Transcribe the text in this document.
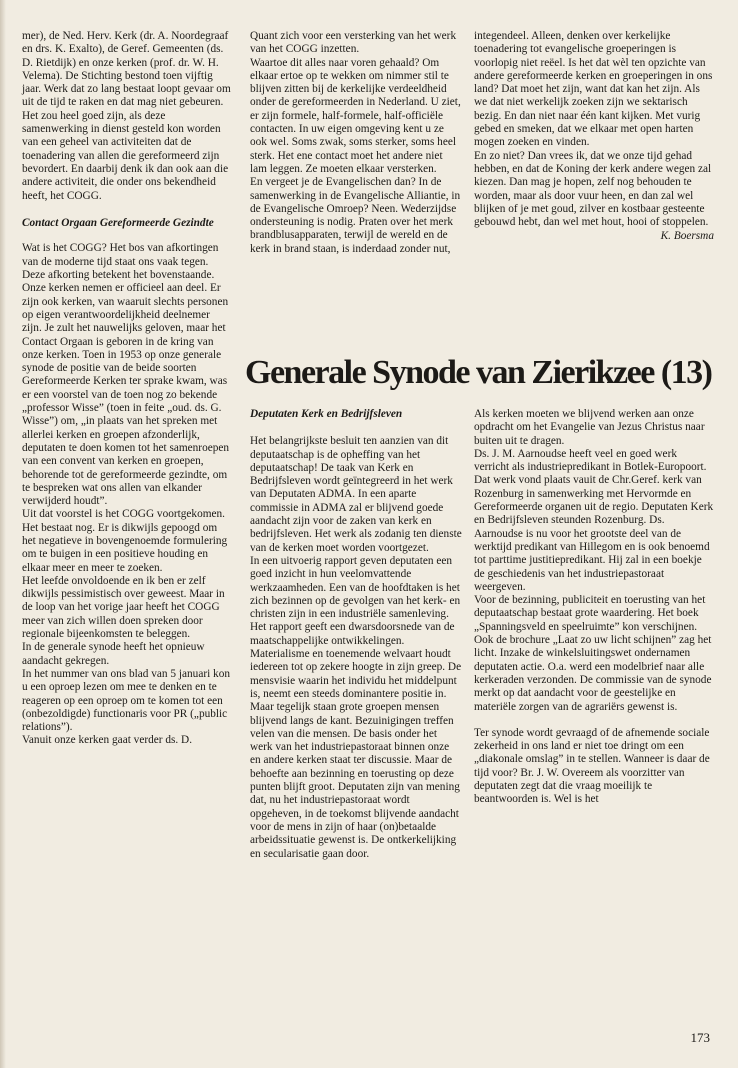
mer), de Ned. Herv. Kerk (dr. A. Noordegraaf en drs. K. Exalto), de Geref. Gemeenten (ds. D. Rietdijk) en onze kerken (prof. dr. W. H. Velema). De Stichting bestond toen vijftig jaar. Werk dat zo lang bestaat loopt gevaar om uit de tijd te raken en dat mag niet gebeuren.

Het zou heel goed zijn, als deze samenwerking in dienst gesteld kon worden van een geheel van activiteiten dat de toenadering van allen die gereformeerd zijn bevordert. En daarbij denk ik dan ook aan die andere activiteit, die onder ons bekendheid heeft, het COGG.

Contact Orgaan Gereformeerde Gezindte

Wat is het COGG? Het bos van afkortingen van de moderne tijd staat ons vaak tegen. Deze afkorting betekent het bovenstaande. Onze kerken nemen er officieel aan deel. Er zijn ook kerken, van waaruit slechts personen op eigen verantwoordelijkheid deelnemer zijn. Je zult het nauwelijks geloven, maar het Contact Orgaan is geboren in de kring van onze kerken. Toen in 1953 op onze generale synode de positie van de beide soorten Gereformeerde Kerken ter sprake kwam, was er een voorstel van de toen nog zo bekende „professor Wisse” (toen in feite „oud. ds. G. Wisse”) om, „in plaats van het spreken met allerlei kerken en groepen afzonderlijk, deputaten te doen komen tot het samenroepen van een convent van kerken en groepen, behorende tot de gereformeerde gezindte, om te bespreken wat ons allen van elkander verwijderd houdt”.

Uit dat voorstel is het COGG voortgekomen. Het bestaat nog. Er is dikwijls gepoogd om het negatieve in bovengenoemde formulering om te buigen in een positieve houding en elkaar meer en meer te zoeken.

Het leefde onvoldoende en ik ben er zelf dikwijls pessimistisch over geweest. Maar in de loop van het vorige jaar heeft het COGG meer van zich willen doen spreken door regionale bijeenkomsten te beleggen.

In de generale synode heeft het opnieuw aandacht gekregen.

In het nummer van ons blad van 5 januari kon u een oproep lezen om mee te denken en te reageren op een oproep om te komen tot een (onbezoldigde) functionaris voor PR („public relations”).

Vanuit onze kerken gaat verder ds. D.

Quant zich voor een versterking van het werk van het COGG inzetten.

Waartoe dit alles naar voren gehaald? Om elkaar ertoe op te wekken om nimmer stil te blijven zitten bij de kerkelijke verdeeldheid onder de gereformeerden in Nederland. U ziet, er zijn formele, half-formele, half-officiële contacten. In uw eigen omgeving kent u ze ook wel. Soms zwak, soms sterker, soms heel sterk. Het ene contact moet het andere niet lam leggen. Ze moeten elkaar versterken.

En vergeet je de Evangelischen dan? In de samenwerking in de Evangelische Alliantie, in de Evangelische Omroep? Neen. Wederzijdse ondersteuning is nodig. Praten over het merk brandblusapparaten, terwijl de wereld en de kerk in brand staan, is inderdaad zonder nut,

integendeel. Alleen, denken over kerkelijke toenadering tot evangelische groeperingen is voorlopig niet reëel. Is het dat wèl ten opzichte van andere gereformeerde kerken en groeperingen in ons land? Dat moet het zijn, want dat kan het zijn. Als we dat niet werkelijk zoeken zijn we sektarisch bezig. En dan niet naar één kant kijken. Met vurig gebed en smeken, dat we elkaar met open harten mogen zoeken en vinden.

En zo niet? Dan vrees ik, dat we onze tijd gehad hebben, en dat de Koning der kerk andere wegen zal kiezen. Dan mag je hopen, zelf nog behouden te worden, maar als door vuur heen, en dan zal wel blijken of je met goud, zilver en kostbaar gesteente gebouwd hebt, dan wel met hout, hooi of stoppelen.

K. Boersma

Generale Synode van Zierikzee (13)

Deputaten Kerk en Bedrijfsleven

Het belangrijkste besluit ten aanzien van dit deputaatschap is de opheffing van het deputaatschap! De taak van Kerk en Bedrijfsleven wordt geïntegreerd in het werk van Deputaten ADMA. In een aparte commissie in ADMA zal er blijvend goede aandacht zijn voor de zaken van kerk en bedrijfsleven. Het werk als zodanig ten dienste van de kerken moet worden voortgezet.

In een uitvoerig rapport geven deputaten een goed inzicht in hun veelomvattende werkzaamheden. Een van de hoofdtaken is het zich bezinnen op de gevolgen van het kerk- en christen zijn in een industriële samenleving. Het rapport geeft een dwarsdoorsnede van de maatschappelijke ontwikkelingen. Materialisme en toenemende welvaart houdt iedereen tot op zekere hoogte in zijn greep. De mensvisie waarin het individu het middelpunt is, neemt een steeds dominantere positie in. Maar tegelijk staan grote groepen mensen blijvend langs de kant. Bezuinigingen treffen velen van die mensen. De basis onder het werk van het industriepastoraat binnen onze en andere kerken staat ter discussie. Maar de behoefte aan bezinning en toerusting op deze punten blijft groot. Deputaten zijn van mening dat, nu het industriepastoraat wordt opgeheven, in de toekomst blijvende aandacht voor de mens in zijn of haar (on)betaalde arbeidssituatie gewenst is. De ontkerkelijking en secularisatie gaan door.

Als kerken moeten we blijvend werken aan onze opdracht om het Evangelie van Jezus Christus naar buiten uit te dragen.

Ds. J. M. Aarnoudse heeft veel en goed werk verricht als industriepredikant in Botlek-Europoort. Dat werk vond plaats vauit de Chr.Geref. kerk van Rozenburg in samenwerking met Hervormde en Gereformeerde organen uit de regio. Deputaten Kerk en Bedrijfsleven steunden Rozenburg. Ds. Aarnoudse is nu voor het grootste deel van de werktijd predikant van Hillegom en is ook benoemd tot parttime justitiepredikant. Hij zal in een boekje de geschiedenis van het industriepastoraat weergeven.

Voor de bezinning, publiciteit en toerusting van het deputaatschap bestaat grote waardering. Het boek „Spanningsveld en speelruimte” kon verschijnen. Ook de brochure „Laat zo uw licht schijnen” zag het licht. Inzake de winkelsluitingswet ondernamen deputaten actie. O.a. werd een modelbrief naar alle kerkeraden verzonden. De commissie van de synode merkt op dat aandacht voor de geestelijke en materiële zorgen van de agrariërs gewenst is.

Ter synode wordt gevraagd of de afnemende sociale zekerheid in ons land er niet toe dringt om een „diakonale omslag” in te stellen. Wanneer is daar de tijd voor? Br. J. W. Overeem als voorzitter van deputaten zegt dat die vraag moeilijk te beantwoorden is. Wel is het

173
